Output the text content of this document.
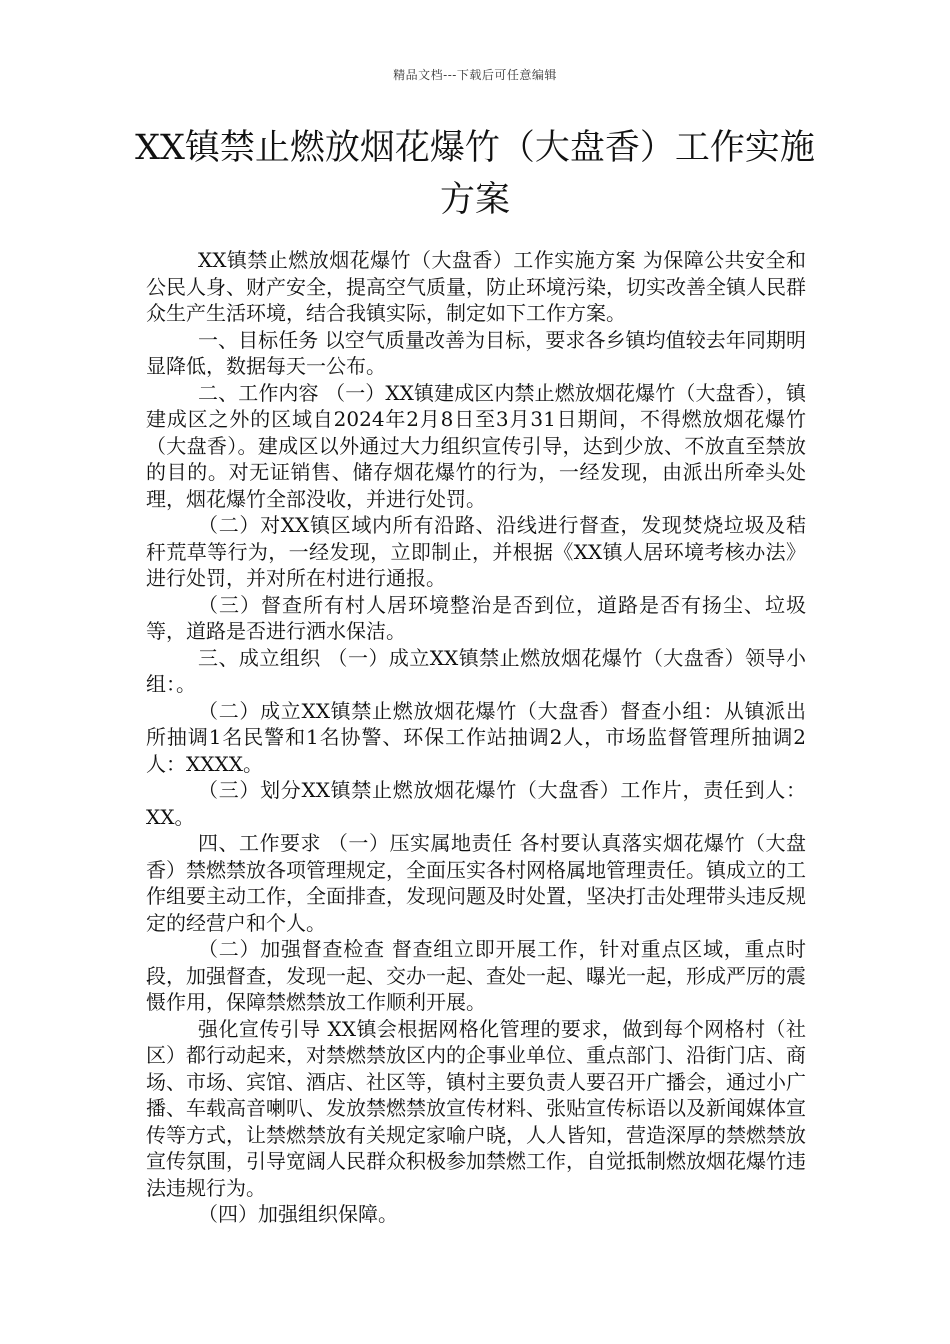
精品文档---下载后可任意编辑
XX镇禁止燃放烟花爆竹（大盘香）工作实施方案

XX镇禁止燃放烟花爆竹（大盘香）工作实施方案 为保障公共安全和公民人身、财产安全，提高空气质量，防止环境污染，切实改善全镇人民群众生产生活环境，结合我镇实际，制定如下工作方案。

一、目标任务 以空气质量改善为目标，要求各乡镇均值较去年同期明显降低，数据每天一公布。

二、工作内容 （一）XX镇建成区内禁止燃放烟花爆竹（大盘香），镇建成区之外的区域自2024年2月8日至3月31日期间，不得燃放烟花爆竹（大盘香）。建成区以外通过大力组织宣传引导，达到少放、不放直至禁放的目的。对无证销售、储存烟花爆竹的行为，一经发现，由派出所牵头处理，烟花爆竹全部没收，并进行处罚。

（二）对XX镇区域内所有沿路、沿线进行督查，发现焚烧垃圾及秸秆荒草等行为，一经发现，立即制止，并根据《XX镇人居环境考核办法》进行处罚，并对所在村进行通报。

（三）督查所有村人居环境整治是否到位，道路是否有扬尘、垃圾等，道路是否进行洒水保洁。

三、成立组织 （一）成立XX镇禁止燃放烟花爆竹（大盘香）领导小组：。

（二）成立XX镇禁止燃放烟花爆竹（大盘香）督查小组：从镇派出所抽调1名民警和1名协警、环保工作站抽调2人，市场监督管理所抽调2人：XXXX。

（三）划分XX镇禁止燃放烟花爆竹（大盘香）工作片，责任到人：XX。

四、工作要求 （一）压实属地责任 各村要认真落实烟花爆竹（大盘香）禁燃禁放各项管理规定，全面压实各村网格属地管理责任。镇成立的工作组要主动工作，全面排查，发现问题及时处置，坚决打击处理带头违反规定的经营户和个人。

（二）加强督查检查 督查组立即开展工作，针对重点区域，重点时段，加强督查，发现一起、交办一起、查处一起、曝光一起，形成严厉的震慑作用，保障禁燃禁放工作顺利开展。

强化宣传引导 XX镇会根据网格化管理的要求，做到每个网格村（社区）都行动起来，对禁燃禁放区内的企事业单位、重点部门、沿街门店、商场、市场、宾馆、酒店、社区等，镇村主要负责人要召开广播会，通过小广播、车载高音喇叭、发放禁燃禁放宣传材料、张贴宣传标语以及新闻媒体宣传等方式，让禁燃禁放有关规定家喻户晓，人人皆知，营造深厚的禁燃禁放宣传氛围，引导宽阔人民群众积极参加禁燃工作，自觉抵制燃放烟花爆竹违法违规行为。

（四）加强组织保障。
